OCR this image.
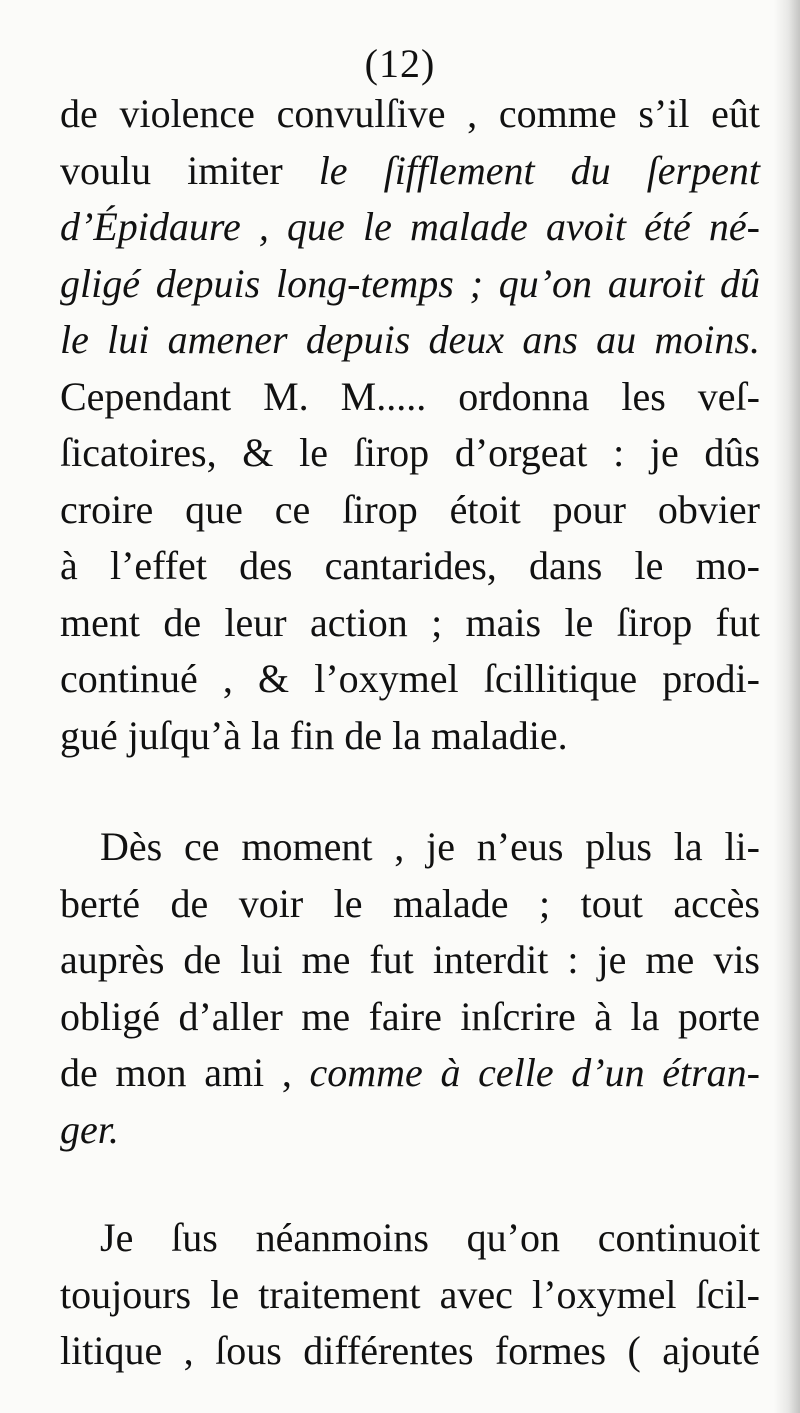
(12)
de violence convulſive , comme s’il eût
voulu imiter le ſifflement du ſerpent
d’Épidaure , que le malade avoit été né-
gligé depuis long-temps ; qu’on auroit dû
le lui amener depuis deux ans au moins.
Cependant M. M..... ordonna les veſ-
ſicatoires, & le ſirop d’orgeat : je dûs
croire que ce ſirop étoit pour obvier
à l’effet des cantarides, dans le mo-
ment de leur action ; mais le ſirop fut
continué , & l’oxymel ſcillitique prodi-
gué juſqu’à la fin de la maladie.
Dès ce moment , je n’eus plus la li-
berté de voir le malade ; tout accès
auprès de lui me fut interdit : je me vis
obligé d’aller me faire inſcrire à la porte
de mon ami , comme à celle d’un étran-
ger.
Je ſus néanmoins qu’on continuoit
toujours le traitement avec l’oxymel ſcil-
litique , ſous différentes formes ( ajouté
